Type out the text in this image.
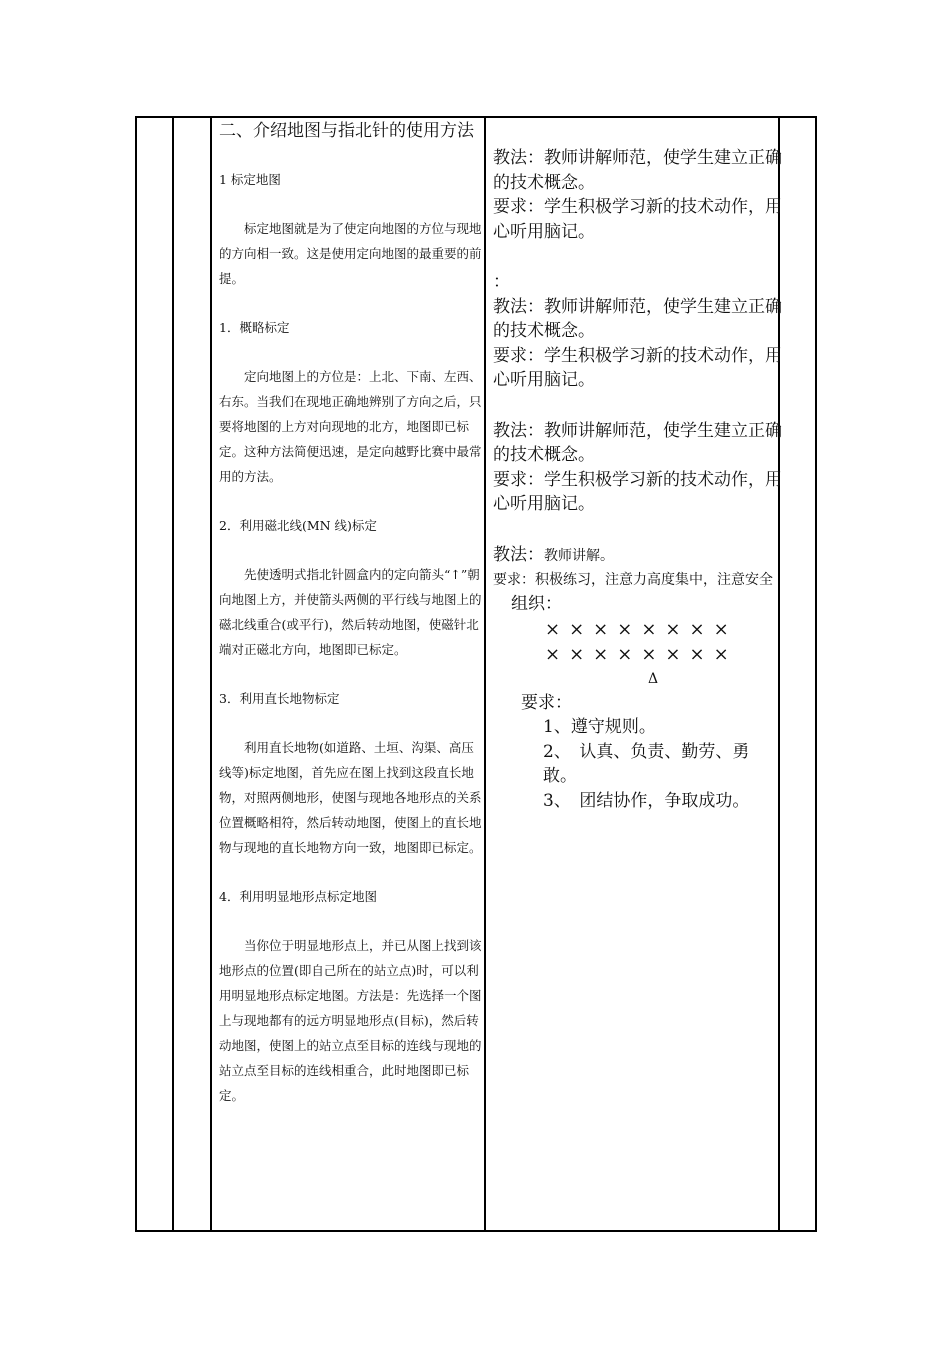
二、介绍地图与指北针的使用方法

1 标定地图

标定地图就是为了使定向地图的方位与现地的方向相一致。这是使用定向地图的最重要的前提。

1．概略标定

定向地图上的方位是：上北、下南、左西、右东。当我们在现地正确地辨别了方向之后，只要将地图的上方对向现地的北方，地图即已标定。这种方法简便迅速，是定向越野比赛中最常用的方法。

2．利用磁北线(MN 线)标定

先使透明式指北针圆盒内的定向箭头“↑”朝向地图上方，并使箭头两侧的平行线与地图上的磁北线重合(或平行)，然后转动地图，使磁针北端对正磁北方向，地图即已标定。

3．利用直长地物标定

利用直长地物(如道路、土垣、沟渠、高压线等)标定地图，首先应在图上找到这段直长地物，对照两侧地形，使图与现地各地形点的关系位置概略相符，然后转动地图，使图上的直长地物与现地的直长地物方向一致，地图即已标定。

4．利用明显地形点标定地图

当你位于明显地形点上，并已从图上找到该地形点的位置(即自己所在的站立点)时，可以利用明显地形点标定地图。方法是：先选择一个图上与现地都有的远方明显地形点(目标)，然后转动地图，使图上的站立点至目标的连线与现地的站立点至目标的连线相重合，此时地图即已标定。

教法：教师讲解师范，使学生建立正确的技术概念。

要求：学生积极学习新的技术动作，用心听用脑记。

：

教法：教师讲解师范，使学生建立正确的技术概念。

要求：学生积极学习新的技术动作，用心听用脑记。

教法：教师讲解师范，使学生建立正确的技术概念。

要求：学生积极学习新的技术动作，用心听用脑记。

教法：教师讲解。

要求：积极练习，注意力高度集中，注意安全

组织：

××××××××

××××××××

Δ

要求：

1、遵守规则。

2、　认真、负责、勤劳、勇敢。

3、　团结协作，争取成功。
